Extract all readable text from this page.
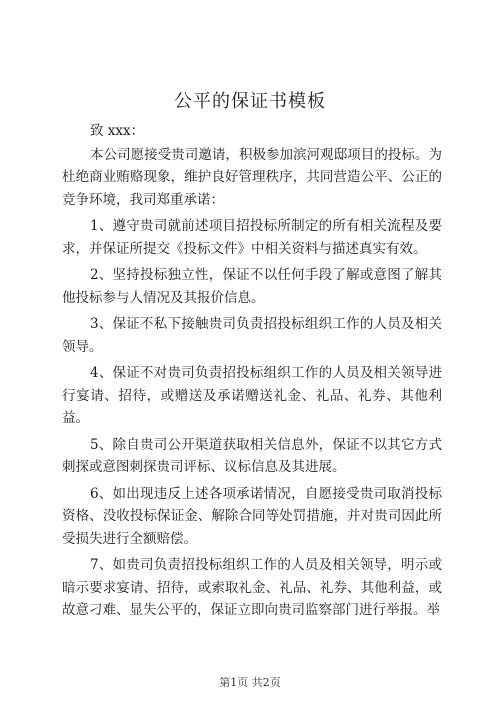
公平的保证书模板

致 xxx：

本公司愿接受贵司邀请，积极参加滨河观邸项目的投标。为杜绝商业贿赂现象，维护良好管理秩序，共同营造公平、公正的竞争环境，我司郑重承诺：

1、遵守贵司就前述项目招投标所制定的所有相关流程及要求，并保证所提交《投标文件》中相关资料与描述真实有效。

2、坚持投标独立性，保证不以任何手段了解或意图了解其他投标参与人情况及其报价信息。

3、保证不私下接触贵司负责招投标组织工作的人员及相关领导。

4、保证不对贵司负责招投标组织工作的人员及相关领导进行宴请、招待，或赠送及承诺赠送礼金、礼品、礼券、其他利益。

5、除自贵司公开渠道获取相关信息外，保证不以其它方式刺探或意图刺探贵司评标、议标信息及其进展。

6、如出现违反上述各项承诺情况，自愿接受贵司取消投标资格、没收投标保证金、解除合同等处罚措施，并对贵司因此所受损失进行全额赔偿。

7、如贵司负责招投标组织工作的人员及相关领导，明示或暗示要求宴请、招待，或索取礼金、礼品、礼券、其他利益，或故意刁难、显失公平的，保证立即向贵司监察部门进行举报。举

第1页 共2页
